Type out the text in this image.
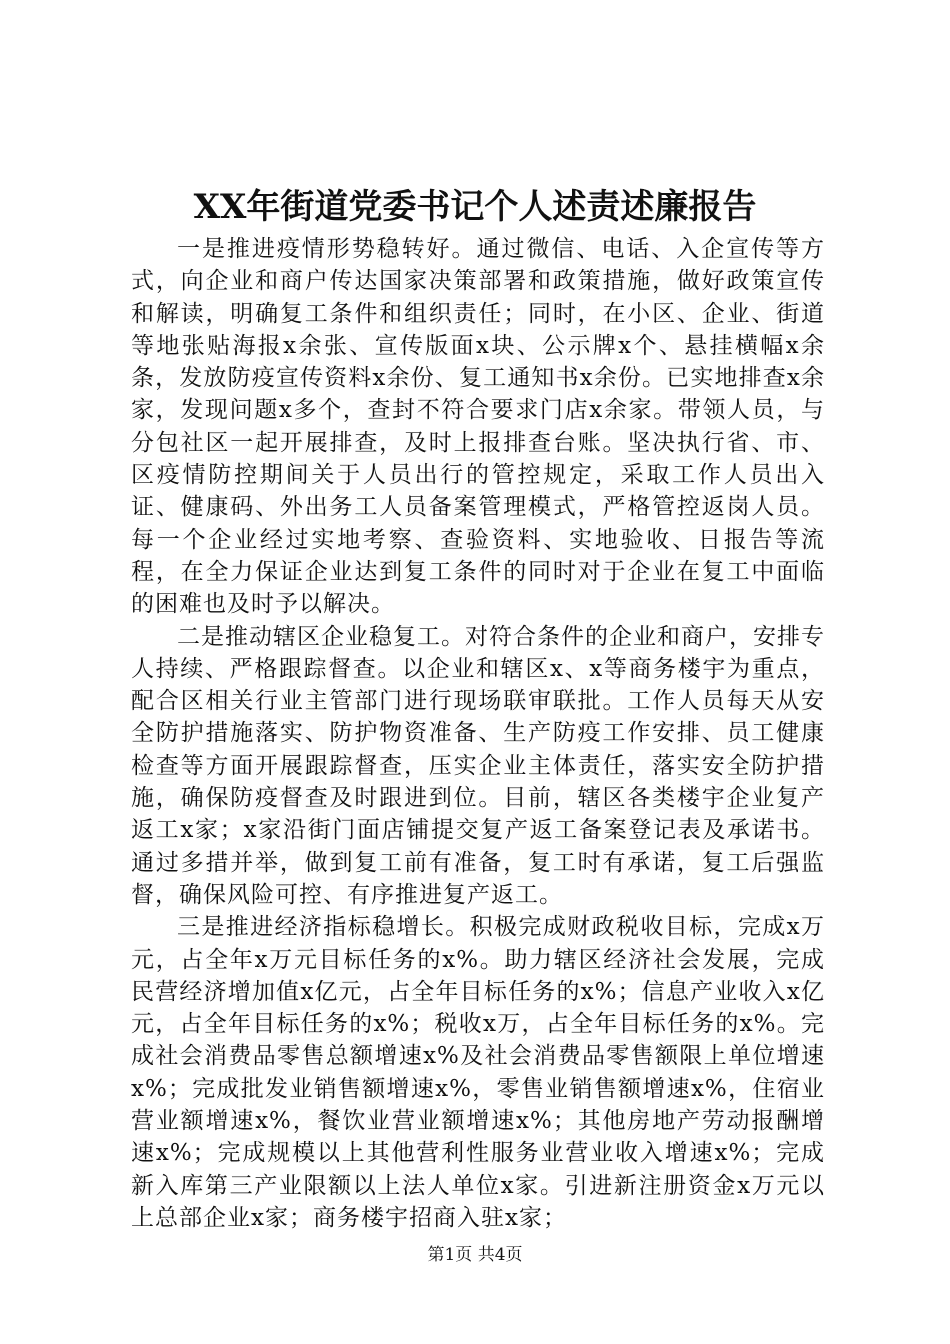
XX年街道党委书记个人述责述廉报告

一是推进疫情形势稳转好。通过微信、电话、入企宣传等方式，向企业和商户传达国家决策部署和政策措施，做好政策宣传和解读，明确复工条件和组织责任；同时，在小区、企业、街道等地张贴海报x余张、宣传版面x块、公示牌x个、悬挂横幅x余条，发放防疫宣传资料x余份、复工通知书x余份。已实地排查x余家，发现问题x多个，查封不符合要求门店x余家。带领人员，与分包社区一起开展排查，及时上报排查台账。坚决执行省、市、区疫情防控期间关于人员出行的管控规定，采取工作人员出入证、健康码、外出务工人员备案管理模式，严格管控返岗人员。每一个企业经过实地考察、查验资料、实地验收、日报告等流程，在全力保证企业达到复工条件的同时对于企业在复工中面临的困难也及时予以解决。

二是推动辖区企业稳复工。对符合条件的企业和商户，安排专人持续、严格跟踪督查。以企业和辖区x、x等商务楼宇为重点，配合区相关行业主管部门进行现场联审联批。工作人员每天从安全防护措施落实、防护物资准备、生产防疫工作安排、员工健康检查等方面开展跟踪督查，压实企业主体责任，落实安全防护措施，确保防疫督查及时跟进到位。目前，辖区各类楼宇企业复产返工x家；x家沿街门面店铺提交复产返工备案登记表及承诺书。通过多措并举，做到复工前有准备，复工时有承诺，复工后强监督，确保风险可控、有序推进复产返工。

三是推进经济指标稳增长。积极完成财政税收目标，完成x万元，占全年x万元目标任务的x%。助力辖区经济社会发展，完成民营经济增加值x亿元，占全年目标任务的x%；信息产业收入x亿元，占全年目标任务的x%；税收x万，占全年目标任务的x%。完成社会消费品零售总额增速x%及社会消费品零售额限上单位增速x%；完成批发业销售额增速x%，零售业销售额增速x%，住宿业营业额增速x%，餐饮业营业额增速x%；其他房地产劳动报酬增速x%；完成规模以上其他营利性服务业营业收入增速x%；完成新入库第三产业限额以上法人单位x家。引进新注册资金x万元以上总部企业x家；商务楼宇招商入驻x家；

第1页 共4页
